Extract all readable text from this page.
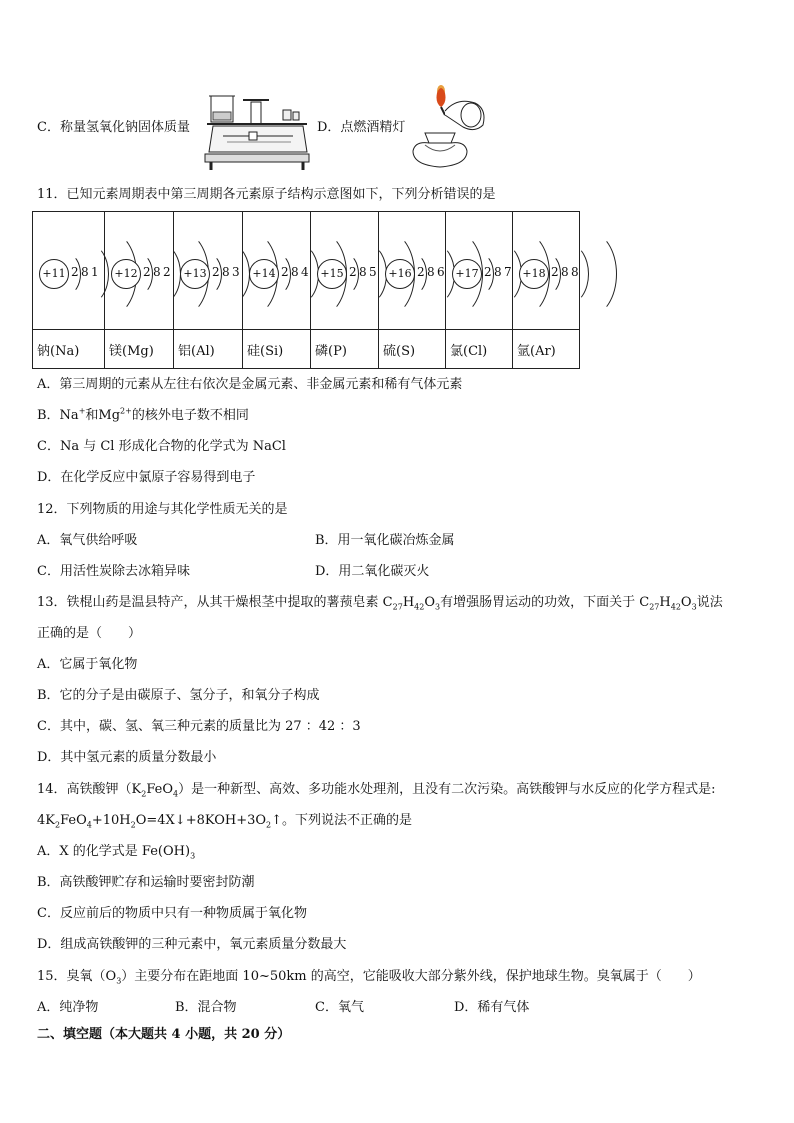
C．称量氢氧化钠固体质量	D．点燃酒精灯
11．已知元素周期表中第三周期各元素原子结构示意图如下，下列分析错误的是
+11 2 8 1	+12 2 8 2	+13 2 8 3	+14 2 8 4	+15 2 8 5	+16 2 8 6	+17 2 8 7	+18 2 8 8

钠(Na)	镁(Mg)	铝(Al)	硅(Si)	磷(P)	硫(S)	氯(Cl)	氩(Ar)
A．第三周期的元素从左往右依次是金属元素、非金属元素和稀有气体元素
B．Na+和$Mg^{2+}$的核外电子数不相同
C．Na 与 Cl 形成化合物的化学式为 NaCl
D．在化学反应中氯原子容易得到电子
12．下列物质的用途与其化学性质无关的是
A．氧气供给呼吸	B．用一氧化碳冶炼金属
C．用活性炭除去冰箱异味	D．用二氧化碳灭火
13．铁棍山药是温县特产，从其干燥根茎中提取的薯蓣皂素 $C_{27}H_{42}O_3$有增强肠胃运动的功效，下面关于 $C_{27}H_{42}O_3$说法
正确的是（　　）
A．它属于氧化物
B．它的分子是由碳原子、氢分子，和氧分子构成
C．其中，碳、氢、氧三种元素的质量比为 27 ：42 ：3
D．其中氢元素的质量分数最小
14．高铁酸钾$(K_2FeO_4)$是一种新型、高效、多功能水处理剂，且没有二次污染。高铁酸钾与水反应的化学方程式是:
$4K_2FeO_4+10H_2O=4X↓+8KOH+3O_2↑$。下列说法不正确的是
A．X 的化学式是 $Fe(OH)_3$
B．高铁酸钾贮存和运输时要密封防潮
C．反应前后的物质中只有一种物质属于氧化物
D．组成高铁酸钾的三种元素中，氧元素质量分数最大
15．臭氧$(O_3)$主要分布在距地面 10~50km 的高空，它能吸收大部分紫外线，保护地球生物。臭氧属于（　　）
A．纯净物	B．混合物	C．氧气	D．稀有气体
二、填空题（本大题共 4 小题，共 20 分）
